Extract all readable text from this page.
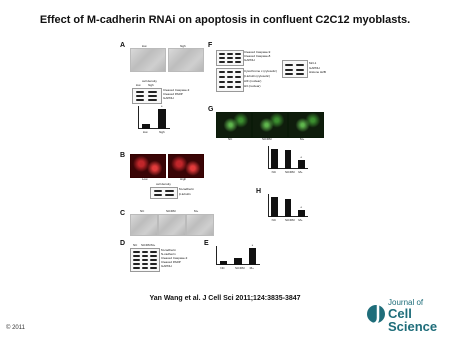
Effect of M-cadherin RNAi on apoptosis in confluent C2C12 myoblasts.
A	low	high
cell density
low high
Cleaved Caspase-3
Cleaved PARP
GAPDH
low	high
*
B
Low	High
cell density
M-cadherin
β-tubulin
C	NC	SiCDM	M+
D	NC SiCDM M+
M-cadherin
N-cadherin
Cleaved Caspase-3
Cleaved PARP
GAPDH
E
NC	SiCDM M+
*
F
Cleaved Caspase-9
Cleaved Caspase-8
GAPDH
Cytochrome c (cytosolic)
β-tubulin (cytosolic)
AIF (nuclear)
H3 (nuclear)
Mcl-1
GAPDH
Histone H2B
G
NC	SiCDM	M+
NC	SiCDM M+
*
H
NC	SiCDM M+
*
Yan Wang et al. J Cell Sci 2011;124:3835-3847
© 2011
Journal of
Cell Science
